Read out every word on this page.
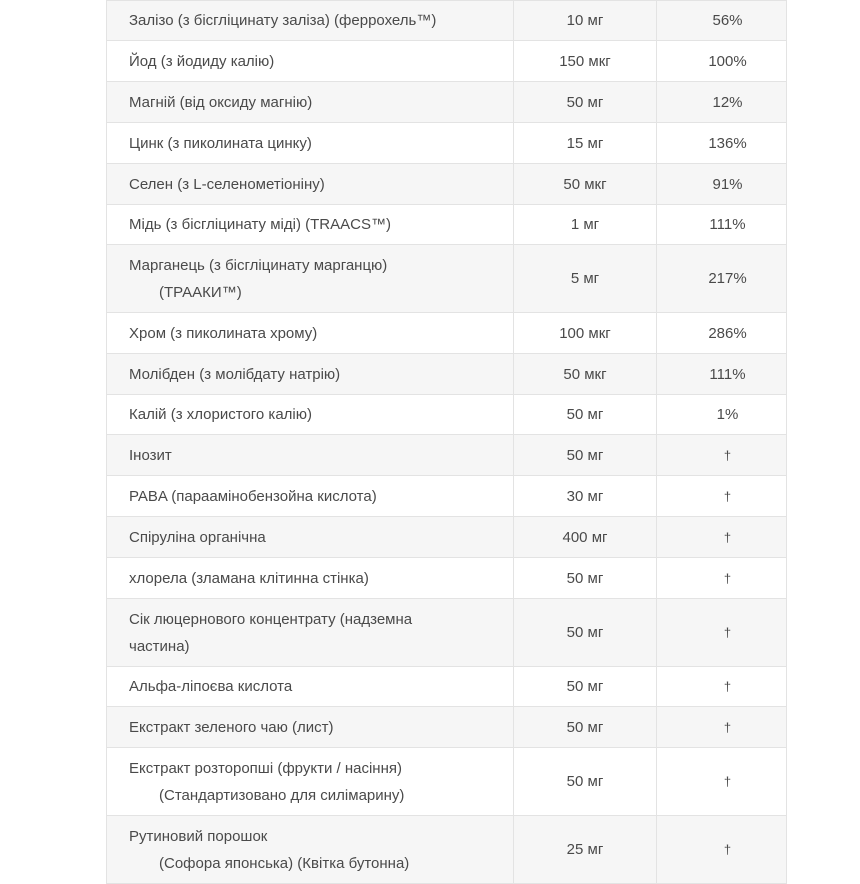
Залізо (з бісгліцинату заліза) (феррохель™)	10 мг	56%

Йод (з йодиду калію)	150 мкг	100%

Магній (від оксиду магнію)	50 мг	12%

Цинк (з пиколината цинку)	15 мг	136%

Селен (з L-селенометіоніну)	50 мкг	91%

Мідь (з бісгліцинату міді) (TRAACS™)	1 мг	111%

Марганець (з бісгліцинату марганцю)
(ТРААКИ™)	5 мг	217%

Хром (з пиколината хрому)	100 мкг	286%

Молібден (з молібдату натрію)	50 мкг	111%

Калій (з хлористого калію)	50 мг	1%

Інозит	50 мг	†

PABA (параамінобензойна кислота)	30 мг	†

Спіруліна органічна	400 мг	†

хлорела (зламана клітинна стінка)	50 мг	†

Сік люцернового концентрату (надземна
частина)	50 мг	†

Альфа-ліпоєва кислота	50 мг	†

Екстракт зеленого чаю (лист)	50 мг	†

Екстракт розторопші (фрукти / насіння)
(Стандартизовано для силімарину)	50 мг	†

Рутиновий порошок
(Софора японська) (Квітка бутонна)	25 мг	†
